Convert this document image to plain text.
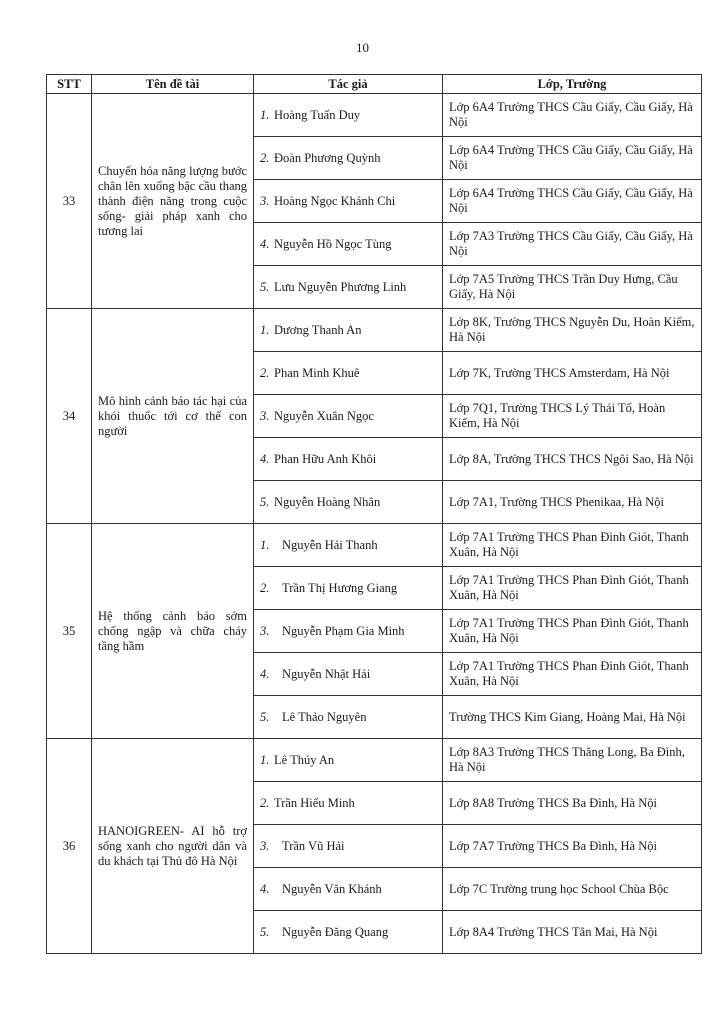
10
STT	Tên đề tài	Tác giả	Lớp, Trường
33	Chuyển hóa năng lượng bước chân lên xuống bậc cầu thang thành điện năng trong cuộc sống- giải pháp xanh cho tương lai	1. Hoàng Tuấn Duy	Lớp 6A4 Trường THCS Cầu Giấy, Cầu Giấy, Hà Nội
		2. Đoàn Phương Quỳnh	Lớp 6A4 Trường THCS Cầu Giấy, Cầu Giấy, Hà Nội
		3. Hoàng Ngọc Khánh Chi	Lớp 6A4 Trường THCS Cầu Giấy, Cầu Giấy, Hà Nội
		4. Nguyễn Hồ Ngọc Tùng	Lớp 7A3 Trường THCS Cầu Giấy, Cầu Giấy, Hà Nội
		5. Lưu Nguyễn Phương Linh	Lớp 7A5 Trường THCS Trần Duy Hưng, Cầu Giấy, Hà Nội
34	Mô hình cảnh báo tác hại của khói thuốc tới cơ thể con người	1. Dương Thanh An	Lớp 8K, Trường THCS Nguyễn Du, Hoàn Kiếm, Hà Nội
		2. Phan Minh Khuê	Lớp 7K, Trường THCS Amsterdam, Hà Nội
		3. Nguyễn Xuân Ngọc	Lớp 7Q1, Trường THCS Lý Thái Tổ, Hoàn Kiếm, Hà Nội
		4. Phan Hữu Anh Khôi	Lớp 8A, Trường THCS THCS Ngôi Sao, Hà Nội
		5. Nguyễn Hoàng Nhân	Lớp 7A1, Trường THCS Phenikaa, Hà Nội
35	Hệ thống cảnh báo sớm chống ngập và chữa cháy tầng hầm	1. Nguyễn Hải Thanh	Lớp 7A1 Trường THCS Phan Đình Giót, Thanh Xuân, Hà Nội
		2. Trần Thị Hương Giang	Lớp 7A1 Trường THCS Phan Đình Giót, Thanh Xuân, Hà Nội
		3. Nguyễn Phạm Gia Minh	Lớp 7A1 Trường THCS Phan Đình Giót, Thanh Xuân, Hà Nội
		4. Nguyễn Nhật Hải	Lớp 7A1 Trường THCS Phan Đình Giót, Thanh Xuân, Hà Nội
		5. Lê Thảo Nguyên	Trường THCS Kim Giang, Hoàng Mai, Hà Nội
36	HANOIGREEN- AI hỗ trợ sống xanh cho người dân và du khách tại Thủ đô Hà Nội	1. Lê Thúy An	Lớp 8A3 Trường THCS Thăng Long, Ba Đình, Hà Nội
		2. Trần Hiếu Minh	Lớp 8A8 Trường THCS Ba Đình, Hà Nội
		3. Trần Vũ Hải	Lớp 7A7 Trường THCS Ba Đình, Hà Nội
		4. Nguyễn Văn Khánh	Lớp 7C Trường trung học School Chùa Bộc
		5. Nguyễn Đăng Quang	Lớp 8A4 Trường THCS Tân Mai, Hà Nội
